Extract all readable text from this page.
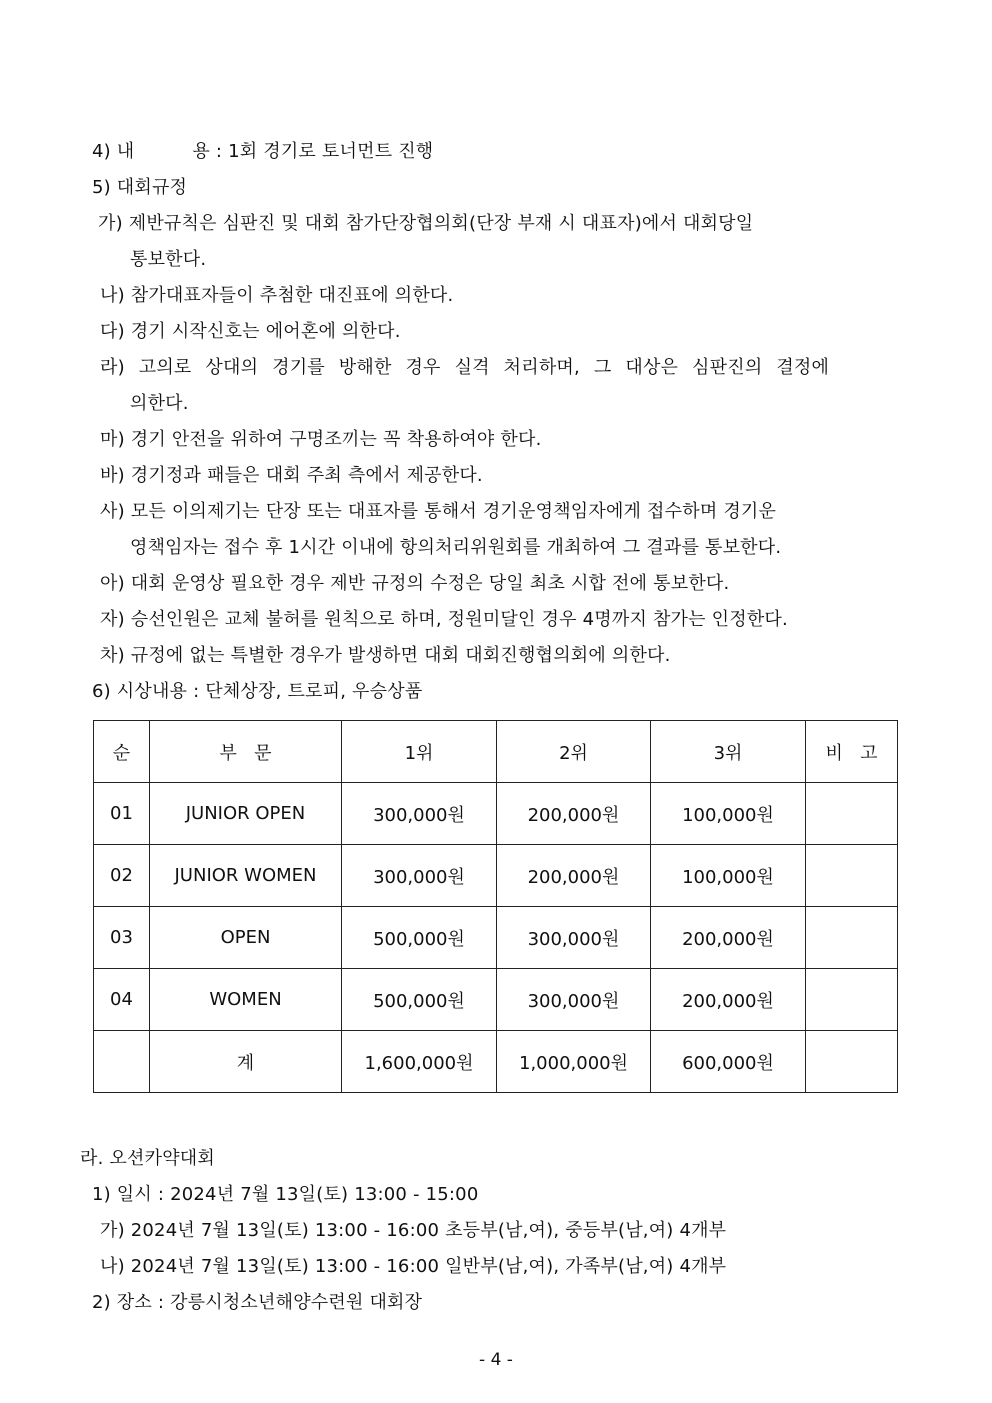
4) 내	용 : 1회 경기로 토너먼트 진행
5) 대회규정
가) 제반규칙은 심판진 및 대회 참가단장협의회(단장 부재 시 대표자)에서 대회당일
통보한다.
나) 참가대표자들이 추첨한 대진표에 의한다.
다) 경기 시작신호는 에어혼에 의한다.
라) 고의로 상대의 경기를 방해한 경우 실격 처리하며, 그 대상은 심판진의 결정에
의한다.
마) 경기 안전을 위하여 구명조끼는 꼭 착용하여야 한다.
바) 경기정과 패들은 대회 주최 측에서 제공한다.
사) 모든 이의제기는 단장 또는 대표자를 통해서 경기운영책임자에게 접수하며 경기운
영책임자는 접수 후 1시간 이내에 항의처리위원회를 개최하여 그 결과를 통보한다.
아) 대회 운영상 필요한 경우 제반 규정의 수정은 당일 최초 시합 전에 통보한다.
자) 승선인원은 교체 불허를 원칙으로 하며, 정원미달인 경우 4명까지 참가는 인정한다.
차) 규정에 없는 특별한 경우가 발생하면 대회 대회진행협의회에 의한다.
6) 시상내용 : 단체상장, 트로피, 우승상품
순	부   문	1위	2위	3위	비   고
01	JUNIOR OPEN	300,000원	200,000원	100,000원	
02	JUNIOR WOMEN	300,000원	200,000원	100,000원	
03	OPEN	500,000원	300,000원	200,000원	
04	WOMEN	500,000원	300,000원	200,000원	
	계	1,600,000원	1,000,000원	600,000원	
라. 오션카약대회
1) 일시 : 2024년 7월 13일(토) 13:00 - 15:00
가) 2024년 7월 13일(토) 13:00 - 16:00 초등부(남,여), 중등부(남,여) 4개부
나) 2024년 7월 13일(토) 13:00 - 16:00 일반부(남,여), 가족부(남,여) 4개부
2) 장소 : 강릉시청소년해양수련원 대회장
- 4 -
